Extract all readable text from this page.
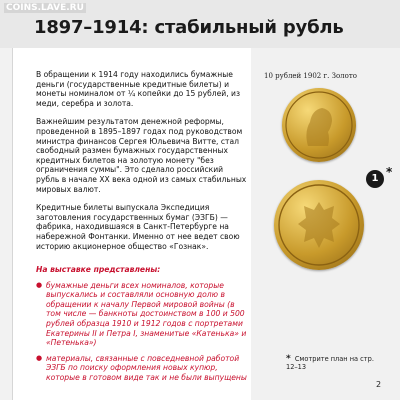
COINS.LAVE.RU
1897–1914: стабильный рубль

В обращении к 1914 году находились бумажные деньги (государственные кредитные билеты) и монеты номиналом от ¼ копейки до 15 рублей, из меди, серебра и золота.

Важнейшим результатом денежной реформы, проведенной в 1895–1897 годах под руководством министра финансов Сергея Юльевича Витте, стал свободный размен бумажных государственных кредитных билетов на золотую монету "без ограничения суммы". Это сделало российский рубль в начале XX века одной из самых стабильных мировых валют.

Кредитные билеты выпускала Экспедиция заготовления государственных бумаг (ЭЗГБ) — фабрика, находившаяся в Санкт-Петербурге на набережной Фонтанки. Именно от нее ведет свою историю акционерное общество «Гознак».

На выставке представлены:
● бумажные деньги всех номиналов, которые выпускались и составляли основную долю в обращении к началу Первой мировой войны (в том числе — банкноты достоинством в 100 и 500 рублей образца 1910 и 1912 годов с портретами Екатерины II и Петра I, знаменитые «Катенька» и «Петенька»)
● материалы, связанные с повседневной работой ЭЗГБ по поиску оформления новых купюр, которые в готовом виде так и не были выпущены
10 рублей 1902 г. Золото
1 *
* Смотрите план на стр. 12–13
2
